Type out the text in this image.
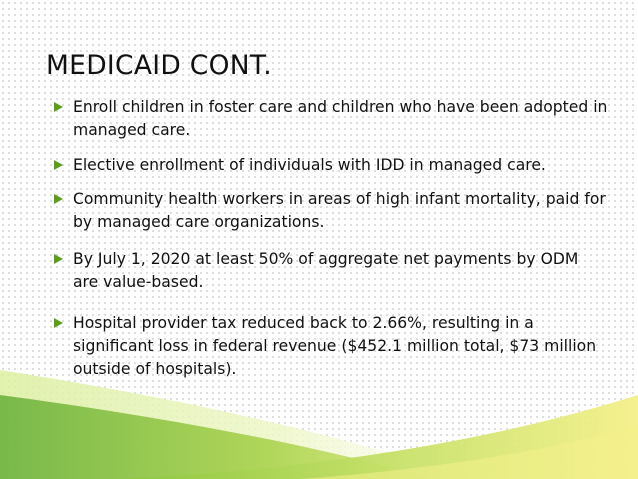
MEDICAID CONT.
Enroll children in foster care and children who have been adopted in managed care.
Elective enrollment of individuals with IDD in managed care.
Community health workers in areas of high infant mortality, paid for by managed care organizations.
By July 1, 2020 at least 50% of aggregate net payments by ODM are value-based.
Hospital provider tax reduced back to 2.66%, resulting in a significant loss in federal revenue ($452.1 million total, $73 million outside of hospitals).
